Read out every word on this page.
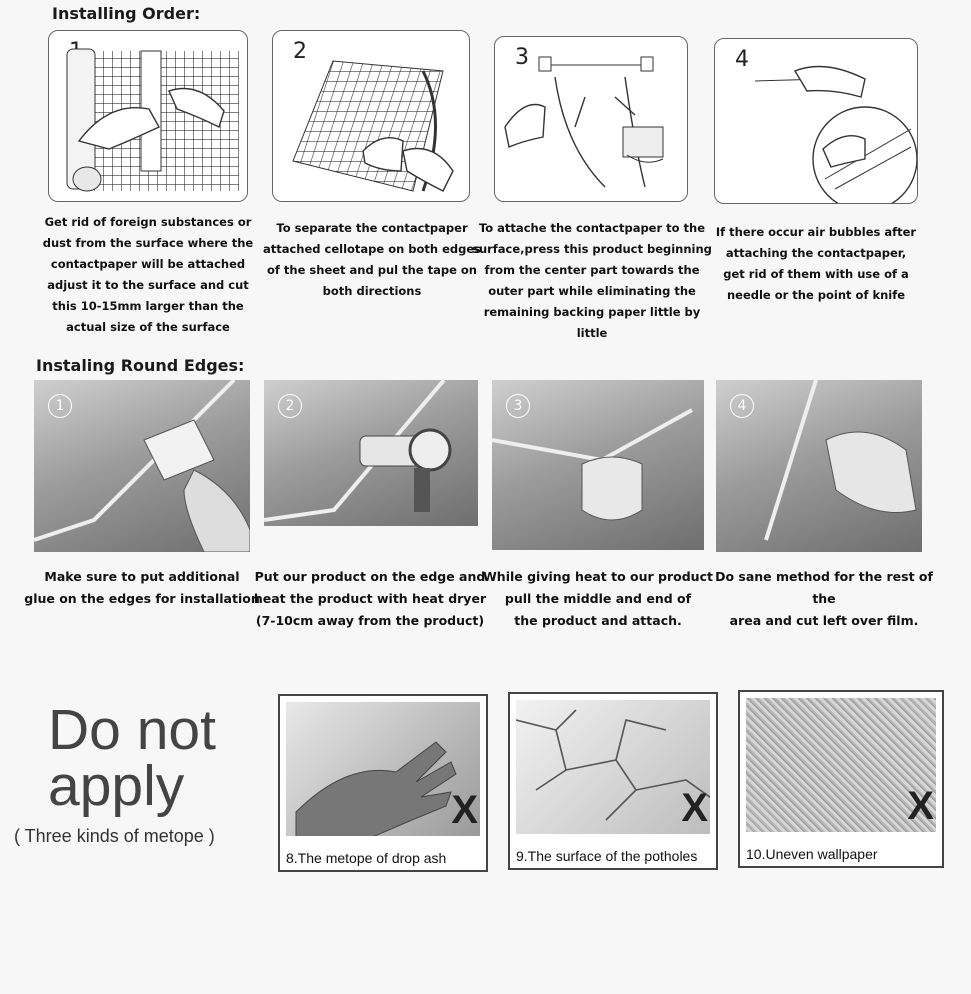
Installing Order:
Get rid of foreign substances or
dust from the surface where the
contactpaper will be attached
adjust it to the surface and cut
this 10-15mm larger than the
actual size of the surface
2
To separate the contactpaper
attached cellotape on both edges
of the sheet and pul the tape on
both directions
3
To attache the contactpaper to the
surface,press this product beginning
from the center part towards the
outer part while eliminating the
remaining backing paper little by little
4
If there occur air bubbles after
attaching the contactpaper,
get rid of them with use of a
needle or the point of knife
Instaling Round Edges:
1
Make sure to put additional
glue on the edges for installation
2
Put our product on the edge and
heat the product with heat dryer
(7-10cm away from the product)
3
While giving heat to our product
pull the middle and end of
the product and attach.
4
Do sane method for the rest of the
area and cut left over film.
Do not
apply
( Three kinds of metope )
X
8.The metope of drop ash
X
9.The surface of the potholes
X
10.Uneven wallpaper
